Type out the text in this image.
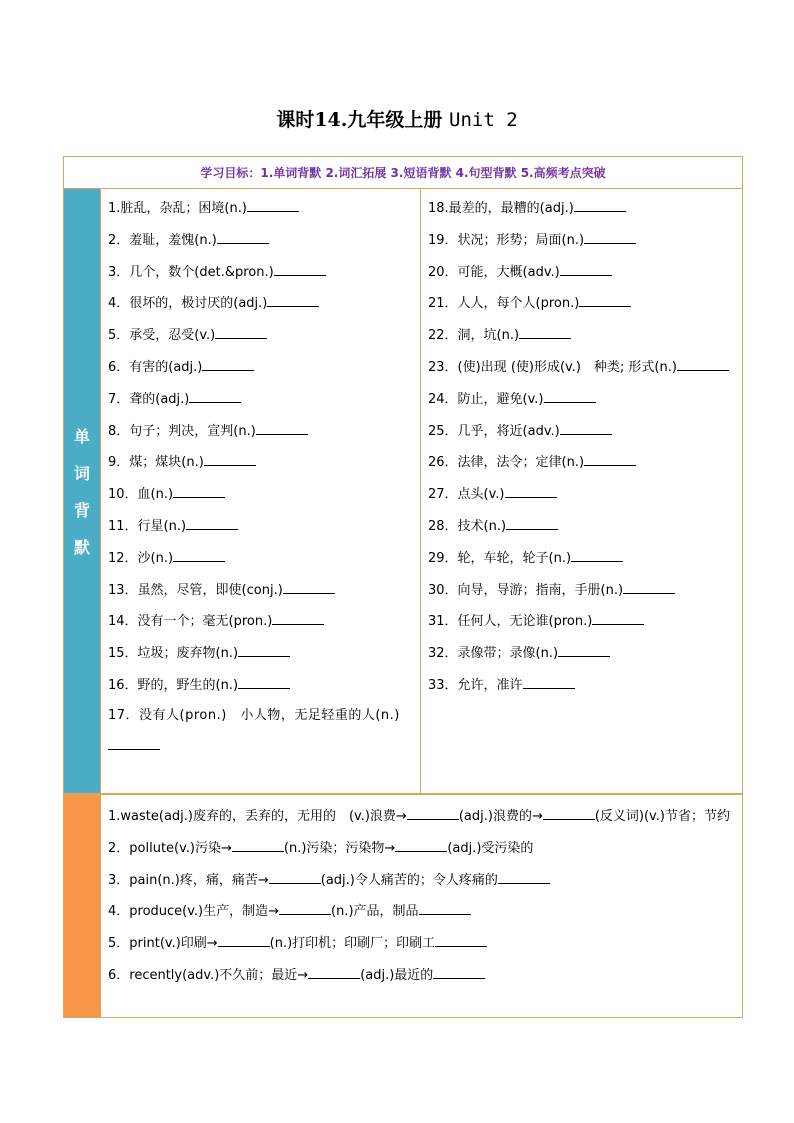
课时14.九年级上册 Unit 2
学习目标：1.单词背默 2.词汇拓展 3.短语背默 4.句型背默 5.高频考点突破
单
词
背
默
1.脏乱，杂乱；困境(n.)
2．羞耻，羞愧(n.)
3．几个，数个(det.&pron.)
4．很坏的，极讨厌的(adj.)
5．承受，忍受(v.)
6．有害的(adj.)
7．聋的(adj.)
8．句子；判决，宣判(n.)
9．煤；煤块(n.)
10．血(n.)
11．行星(n.)
12．沙(n.)
13．虽然，尽管，即使(conj.)
14．没有一个；毫无(pron.)
15．垃圾；废弃物(n.)
16．野的，野生的(n.)
17．没有人(pron.)　小人物，无足轻重的人(n.)
18.最差的，最糟的(adj.)
19．状况；形势；局面(n.)
20．可能，大概(adv.)
21．人人，每个人(pron.)
22．洞，坑(n.)
23．(使)出现 (使)形成(v.)　种类; 形式(n.)
24．防止，避免(v.)
25．几乎，将近(adv.)
26．法律，法令；定律(n.)
27．点头(v.)
28．技术(n.)
29．轮，车轮，轮子(n.)
30．向导，导游；指南，手册(n.)
31．任何人，无论谁(pron.)
32．录像带；录像(n.)
33．允许，准许
1.waste(adj.)废弃的，丢弃的，无用的　(v.)浪费→	(adj.)浪费的→	(反义词)(v.)节省；节约
2．pollute(v.)污染→	(n.)污染；污染物→	(adj.)受污染的
3．pain(n.)疼，痛，痛苦→	(adj.)令人痛苦的；令人疼痛的
4．produce(v.)生产，制造→	(n.)产品，制品
5．print(v.)印刷→	(n.)打印机；印刷厂；印刷工
6．recently(adv.)不久前；最近→	(adj.)最近的
